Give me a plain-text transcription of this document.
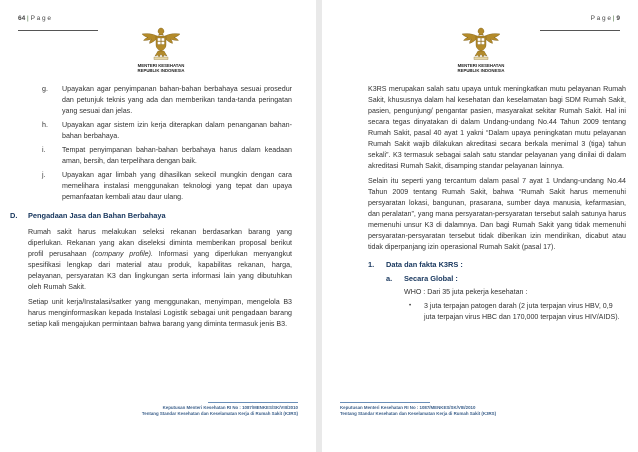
64 | P a g e
MENTERI KESEHATAN
REPUBLIK INDONESIA
g. Upayakan agar penyimpanan bahan-bahan berbahaya sesuai prosedur dan petunjuk teknis yang ada dan memberikan tanda-tanda peringatan yang sesuai dan jelas.
h. Upayakan agar sistem izin kerja diterapkan dalam penanganan bahan-bahan berbahaya.
i. Tempat penyimpanan bahan-bahan berbahaya harus dalam keadaan aman, bersih, dan terpelihara dengan baik.
j. Upayakan agar limbah yang dihasilkan sekecil mungkin dengan cara memelihara instalasi menggunakan teknologi yang tepat dan upaya pemanfaatan kembali atau daur ulang.
D. Pengadaan Jasa dan Bahan Berbahaya

Rumah sakit harus melakukan seleksi rekanan berdasarkan barang yang diperlukan. Rekanan yang akan diseleksi diminta memberikan proposal berikut profil perusahaan (company profile). Informasi yang diperlukan menyangkut spesifikasi lengkap dari material atau produk, kapabilitas rekanan, harga, pelayanan, persyaratan K3 dan lingkungan serta informasi lain yang dibutuhkan oleh Rumah Sakit.

Setiap unit kerja/Instalasi/satker yang menggunakan, menyimpan, mengelola B3 harus menginformasikan kepada Instalasi Logistik sebagai unit pengadaan barang setiap kali mengajukan permintaan bahwa barang yang diminta termasuk jenis B3.

Keputusan Menteri Kesehatan RI No : 1087/MENKES/SK/VIII/2010
Tentang Standar Kesehatan dan Keselamatan Kerja di Rumah Sakit (K3RS)
P a g e | 9
MENTERI KESEHATAN
REPUBLIK INDONESIA

K3RS merupakan salah satu upaya untuk meningkatkan mutu pelayanan Rumah Sakit, khususnya dalam hal kesehatan dan keselamatan bagi SDM Rumah Sakit, pasien, pengunjung/ pengantar pasien, masyarakat sekitar Rumah Sakit. Hal ini secara tegas dinyatakan di dalam Undang-undang No.44 Tahun 2009 tentang Rumah Sakit, pasal 40 ayat 1 yakni “Dalam upaya peningkatan mutu pelayanan Rumah Sakit wajib dilakukan akreditasi secara berkala menimal 3 (tiga) tahun sekali”. K3 termasuk sebagai salah satu standar pelayanan yang dinilai di dalam akreditasi Rumah Sakit, disamping standar pelayanan lainnya.

Selain itu seperti yang tercantum dalam pasal 7 ayat 1 Undang-undang No.44 Tahun 2009 tentang Rumah Sakit, bahwa “Rumah Sakit harus memenuhi persyaratan lokasi, bangunan, prasarana, sumber daya manusia, kefarmasian, dan peralatan”, yang mana persyaratan-persyaratan tersebut salah satunya harus memenuhi unsur K3 di dalamnya. Dan bagi Rumah Sakit yang tidak memenuhi persyaratan-persyaratan tersebut tidak diberikan izin mendirikan, dicabut atau tidak diperpanjang izin operasional Rumah Sakit (pasal 17).

1. Data dan fakta K3RS :
a. Secara Global :
WHO : Dari 35 juta pekerja kesehatan :
• 3 juta terpajan patogen darah (2 juta terpajan virus HBV, 0,9 juta terpajan virus HBC dan 170,000 terpajan virus HIV/AIDS).
Keputusan Menteri Kesehatan RI No : 1087/MENKES/SK/VIII/2010
Tentang Standar Kesehatan dan Keselamatan Kerja di Rumah Sakit (K3RS)
